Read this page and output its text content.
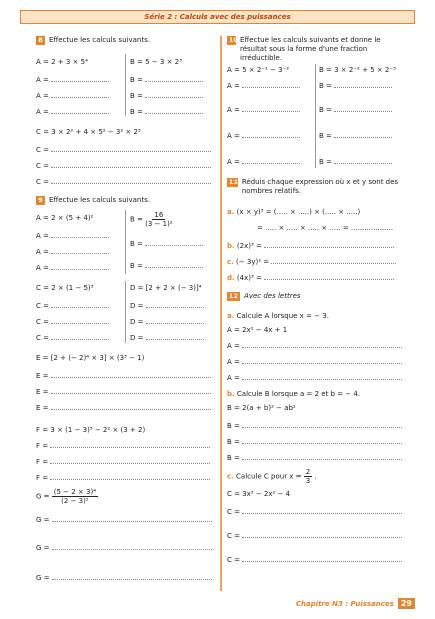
Série 2 : Calculs avec des puissances
8 Effectue les calculs suivants.
A = 2 + 3 × 5⁴	B = 5 − 3 × 2³
A =
A =
A =
B =
B =
B =
C = 3 × 2² + 4 × 5² − 3² × 2³
C =
C =
C =
9 Effectue les calculs suivants.
A = 2 × (5 + 4)²	$B = \frac{16}{\text{(3 − 1)²}}$
A =
A =
A =
B =
B =
C = 2 × (1 − 5)³	D = [2 + 2 × (− 3)]⁴
C =
C =
C =
D =
D =
D =
E = [2 + (− 2)⁴ × 3] × (3³ − 1)
E =
E =
E =
F = 3 × (1 − 3)⁵ − 2² × (3 + 2)
F =
F =
F =
$G = \frac{\text{(5 − 2 × 3)⁴}}{\text{(2 − 3)⁵}}$
G =
G =
G =
10 Effectue les calculs suivants et donne le résultat sous la forme d'une fraction irréductible.
A = 5 × 2⁻¹ − 3⁻²	B = 3 × 2⁻² + 5 × 2⁻³
A =
A =
A =
A =
B =
B =
B =
B =
11 Réduis chaque expression où x et y sont des nombres relatifs.
a. (x × y)³ = (..... × .....) × (..... × .....)
= ..... × ..... × ..... × ..... = ...................
b. (2x)³ =
c. (− 3y)² =
d. (4x)³ =
12 Avec des lettres
a. Calcule A lorsque x = − 3.
A = 2x² − 4x + 1
A =
A =
A =
b. Calcule B lorsque a = 2 et b = − 4.
B = 2(a + b)² − ab²
B =
B =
B =
c. Calcule C pour $x = \frac{2}{3}$ .
C = 3x³ − 2x² − 4
C =
C =
C =
Chapitre N3 : Puissances 29
